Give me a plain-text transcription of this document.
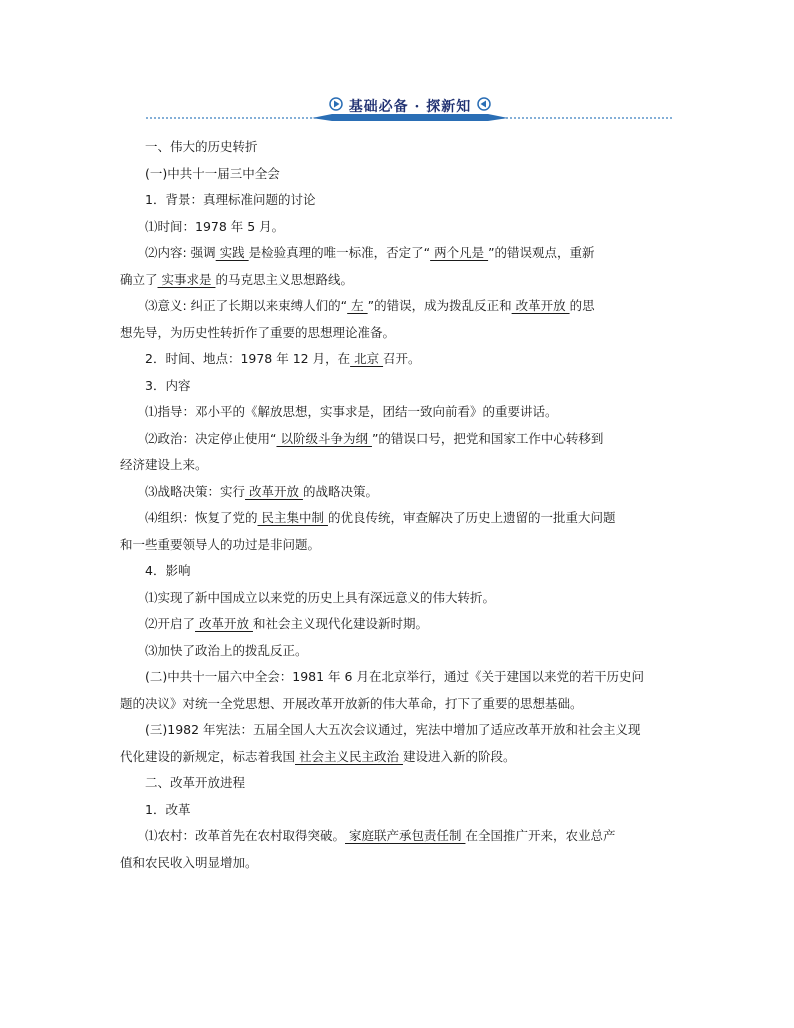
基础必备 · 探新知
一、伟大的历史转折
(一)中共十一届三中全会
1．背景：真理标准问题的讨论
⑴时间：1978 年 5 月。
⑵内容: 强调 实践 是检验真理的唯一标准，否定了“ 两个凡是 ”的错误观点，重新
确立了 实事求是 的马克思主义思想路线。
⑶意义: 纠正了长期以来束缚人们的“ 左 ”的错误，成为拨乱反正和 改革开放 的思
想先导，为历史性转折作了重要的思想理论准备。
2．时间、地点：1978 年 12 月，在 北京 召开。
3．内容
⑴指导：邓小平的《解放思想，实事求是，团结一致向前看》的重要讲话。
⑵政治：决定停止使用“ 以阶级斗争为纲 ”的错误口号，把党和国家工作中心转移到
经济建设上来。
⑶战略决策：实行 改革开放 的战略决策。
⑷组织：恢复了党的 民主集中制 的优良传统，审查解决了历史上遗留的一批重大问题
和一些重要领导人的功过是非问题。
4．影响
⑴实现了新中国成立以来党的历史上具有深远意义的伟大转折。
⑵开启了 改革开放 和社会主义现代化建设新时期。
⑶加快了政治上的拨乱反正。
(二)中共十一届六中全会：1981 年 6 月在北京举行，通过《关于建国以来党的若干历史问
题的决议》对统一全党思想、开展改革开放新的伟大革命，打下了重要的思想基础。
(三)1982 年宪法：五届全国人大五次会议通过，宪法中增加了适应改革开放和社会主义现
代化建设的新规定，标志着我国 社会主义民主政治 建设进入新的阶段。
二、改革开放进程
1．改革
⑴农村：改革首先在农村取得突破。 家庭联产承包责任制 在全国推广开来，农业总产
值和农民收入明显增加。
